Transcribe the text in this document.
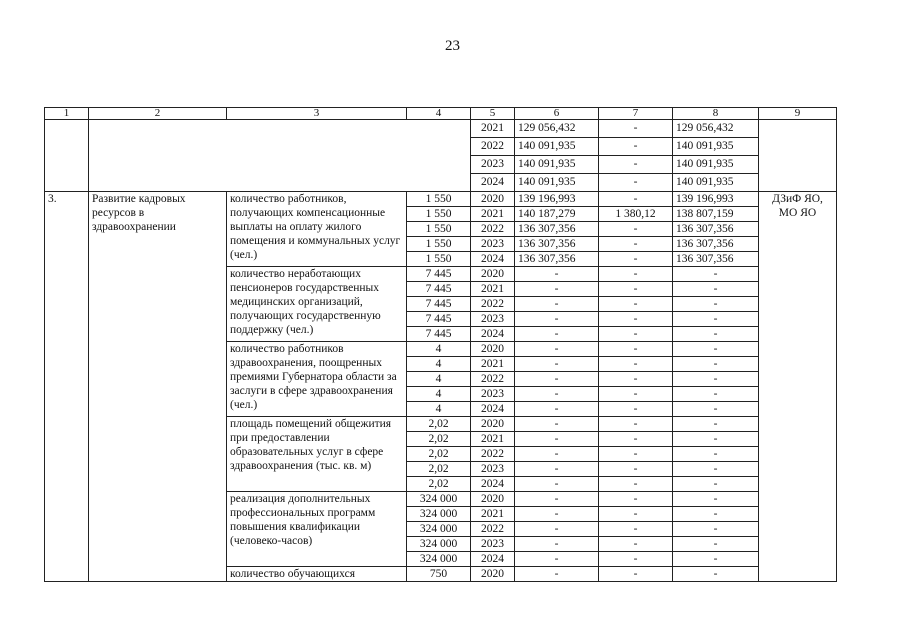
23
1	2	3	4	5	6	7	8	9
				2021	129 056,432	-	129 056,432	
				2022	140 091,935	-	140 091,935	
				2023	140 091,935	-	140 091,935	
				2024	140 091,935	-	140 091,935	
3.	Развитие кадровых ресурсов в здравоохранении	количество работников, получающих компенсационные выплаты на оплату жилого помещения и коммунальных услуг (чел.)	1 550	2020	139 196,993	-	139 196,993	ДЗиФ ЯО, МО ЯО
			1 550	2021	140 187,279	1 380,12	138 807,159	
			1 550	2022	136 307,356	-	136 307,356	
			1 550	2023	136 307,356	-	136 307,356	
			1 550	2024	136 307,356	-	136 307,356	
		количество неработающих пенсионеров государственных медицинских организаций, получающих государственную поддержку (чел.)	7 445	2020	-	-	-	
			7 445	2021	-	-	-	
			7 445	2022	-	-	-	
			7 445	2023	-	-	-	
			7 445	2024	-	-	-	
		количество работников здравоохранения, поощренных премиями Губернатора области за заслуги в сфере здравоохранения (чел.)	4	2020	-	-	-	
			4	2021	-	-	-	
			4	2022	-	-	-	
			4	2023	-	-	-	
			4	2024	-	-	-	
		площадь помещений общежития при предоставлении образовательных услуг в сфере здравоохранения (тыс. кв. м)	2,02	2020	-	-	-	
			2,02	2021	-	-	-	
			2,02	2022	-	-	-	
			2,02	2023	-	-	-	
			2,02	2024	-	-	-	
		реализация дополнительных профессиональных программ повышения квалификации (человеко-часов)	324 000	2020	-	-	-	
			324 000	2021	-	-	-	
			324 000	2022	-	-	-	
			324 000	2023	-	-	-	
			324 000	2024	-	-	-	
		количество обучающихся	750	2020	-	-	-	
